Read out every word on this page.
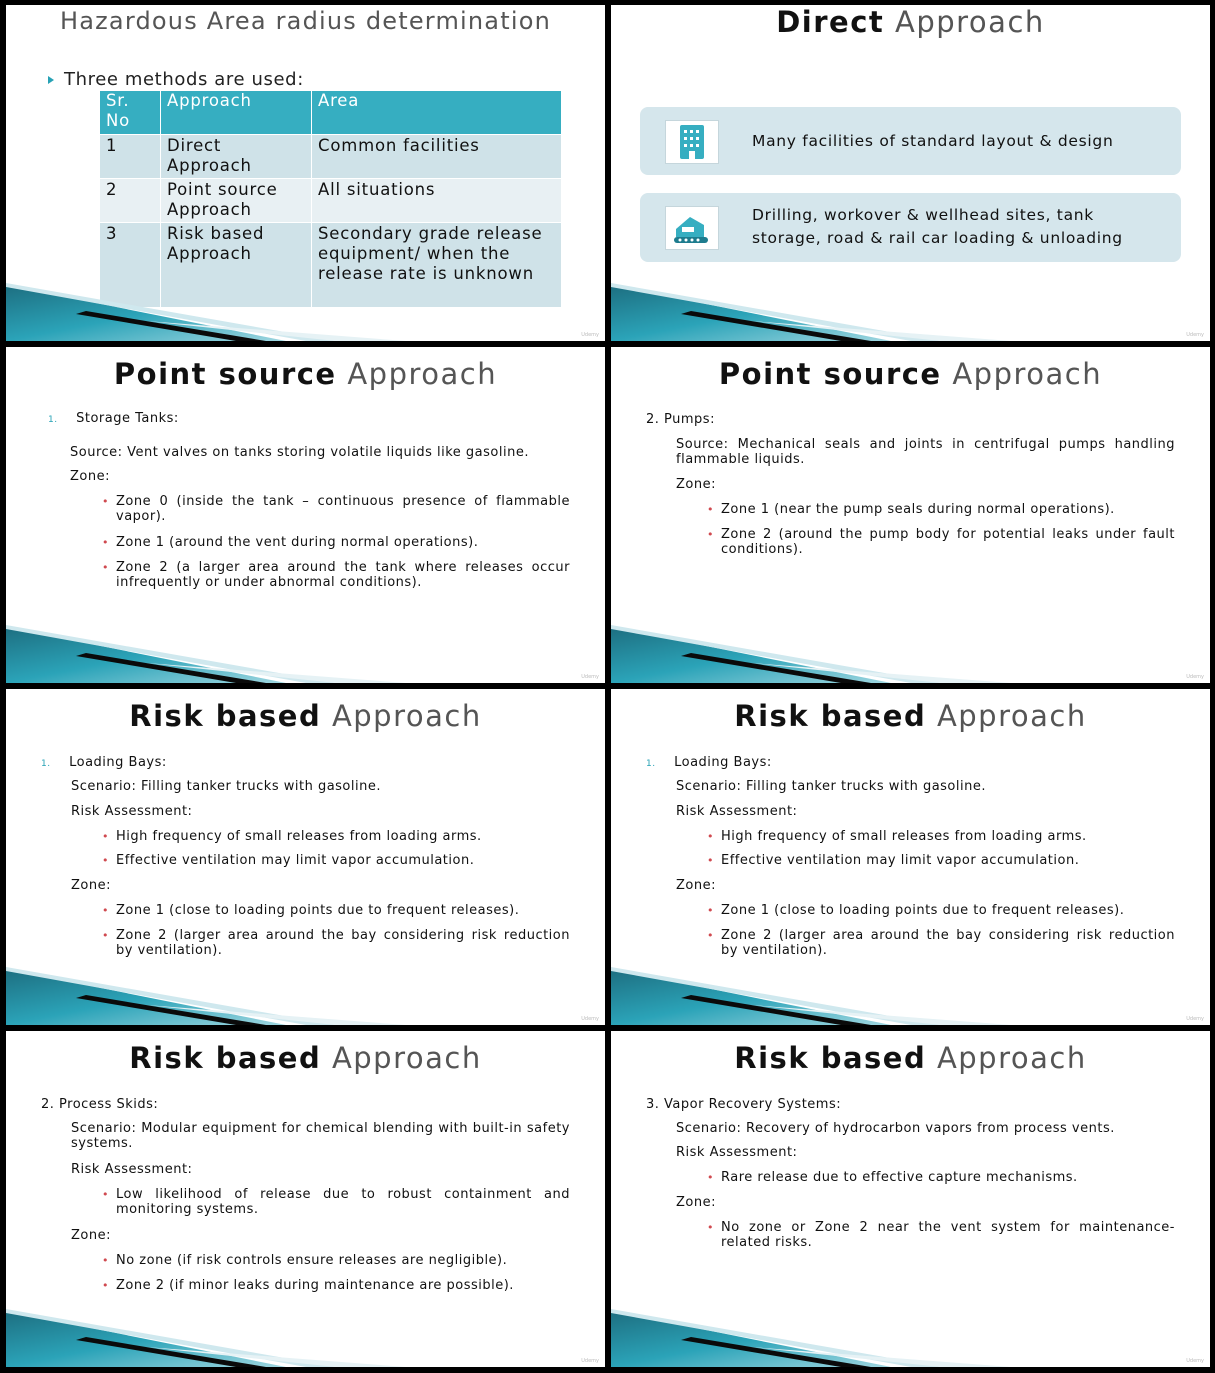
Hazardous Area radius determination
Three methods are used:
Sr. No	Approach	Area
1	Direct Approach	Common facilities
2	Point source Approach	All situations
3	Risk based Approach	Secondary grade release equipment/ when the release rate is unknown
Udemy
Direct Approach
Many facilities of standard layout & design
Drilling, workover & wellhead sites, tank
storage, road & rail car loading & unloading
Udemy
Point source Approach
1. Storage Tanks:
Source: Vent valves on tanks storing volatile liquids like gasoline.
Zone:
• Zone 0 (inside the tank – continuous presence of flammable vapor).
• Zone 1 (around the vent during normal operations).
• Zone 2 (a larger area around the tank where releases occur infrequently or under abnormal conditions).
Udemy
Point source Approach
2. Pumps:
Source: Mechanical seals and joints in centrifugal pumps handling flammable liquids.
Zone:
• Zone 1 (near the pump seals during normal operations).
• Zone 2 (around the pump body for potential leaks under fault conditions).
Udemy
Risk based Approach
1. Loading Bays:
Scenario: Filling tanker trucks with gasoline.
Risk Assessment:
• High frequency of small releases from loading arms.
• Effective ventilation may limit vapor accumulation.
Zone:
• Zone 1 (close to loading points due to frequent releases).
• Zone 2 (larger area around the bay considering risk reduction by ventilation).
Udemy
Risk based Approach
1. Loading Bays:
Scenario: Filling tanker trucks with gasoline.
Risk Assessment:
• High frequency of small releases from loading arms.
• Effective ventilation may limit vapor accumulation.
Zone:
• Zone 1 (close to loading points due to frequent releases).
• Zone 2 (larger area around the bay considering risk reduction by ventilation).
Udemy
Risk based Approach
2. Process Skids:
Scenario: Modular equipment for chemical blending with built-in safety systems.
Risk Assessment:
• Low likelihood of release due to robust containment and monitoring systems.
Zone:
• No zone (if risk controls ensure releases are negligible).
• Zone 2 (if minor leaks during maintenance are possible).
Udemy
Risk based Approach
3. Vapor Recovery Systems:
Scenario: Recovery of hydrocarbon vapors from process vents.
Risk Assessment:
• Rare release due to effective capture mechanisms.
Zone:
• No zone or Zone 2 near the vent system for maintenance-related risks.
Udemy
